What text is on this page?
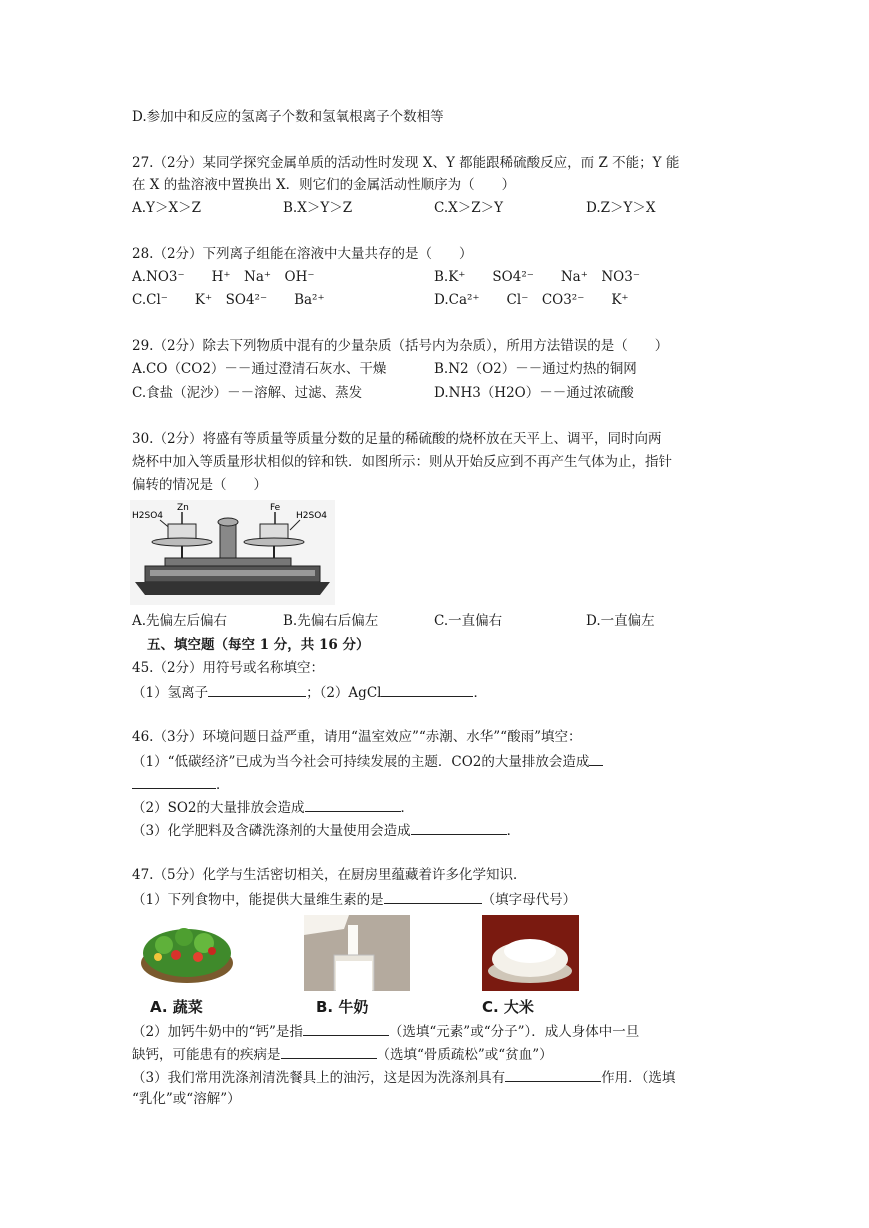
D.参加中和反应的氢离子个数和氢氧根离子个数相等
27.（2分）某同学探究金属单质的活动性时发现 X、Y 都能跟稀硫酸反应，而 Z 不能；Y 能
在 X 的盐溶液中置换出 X．则它们的金属活动性顺序为（　　）
A.Y＞X＞Z	B.X＞Y＞Z	C.X＞Z＞Y	D.Z＞Y＞X
28.（2分）下列离子组能在溶液中大量共存的是（　　）
A.NO3⁻　　H⁺　Na⁺　OH⁻	B.K⁺　　SO4²⁻　　Na⁺　NO3⁻
C.Cl⁻　　K⁺　SO4²⁻　　Ba²⁺	D.Ca²⁺　　Cl⁻　CO3²⁻　　K⁺
29.（2分）除去下列物质中混有的少量杂质（括号内为杂质），所用方法错误的是（　　）
A.CO（CO2）－－通过澄清石灰水、干燥	B.N2（O2）－－通过灼热的铜网
C.食盐（泥沙）－－溶解、过滤、蒸发	D.NH3（H2O）－－通过浓硫酸
30.（2分）将盛有等质量等质量分数的足量的稀硫酸的烧杯放在天平上、调平，同时向两
烧杯中加入等质量形状相似的锌和铁．如图所示：则从开始反应到不再产生气体为止，指针
偏转的情况是（　　）
H2SO4
Zn	Fe
H2SO4
A.先偏左后偏右	B.先偏右后偏左	C.一直偏右	D.一直偏左
五、填空题（每空 1 分，共 16 分）
45.（2分）用符号或名称填空：
（1）氢离子	；（2）AgCl	．
46.（3分）环境问题日益严重，请用“温室效应”“赤潮、水华”“酸雨”填空：
（1）“低碳经济”已成为当今社会可持续发展的主题．CO2的大量排放会造成
．
（2）SO2的大量排放会造成	．
（3）化学肥料及含磷洗涤剂的大量使用会造成	．
47.（5分）化学与生活密切相关，在厨房里蕴藏着许多化学知识．
（1）下列食物中，能提供大量维生素的是	（填字母代号）
A. 蔬菜	B. 牛奶	C. 大米
（2）加钙牛奶中的“钙”是指	（选填“元素”或“分子”）．成人身体中一旦
缺钙，可能患有的疾病是	（选填“骨质疏松”或“贫血”）
（3）我们常用洗涤剂清洗餐具上的油污，这是因为洗涤剂具有	作用．（选填
“乳化”或“溶解”）
